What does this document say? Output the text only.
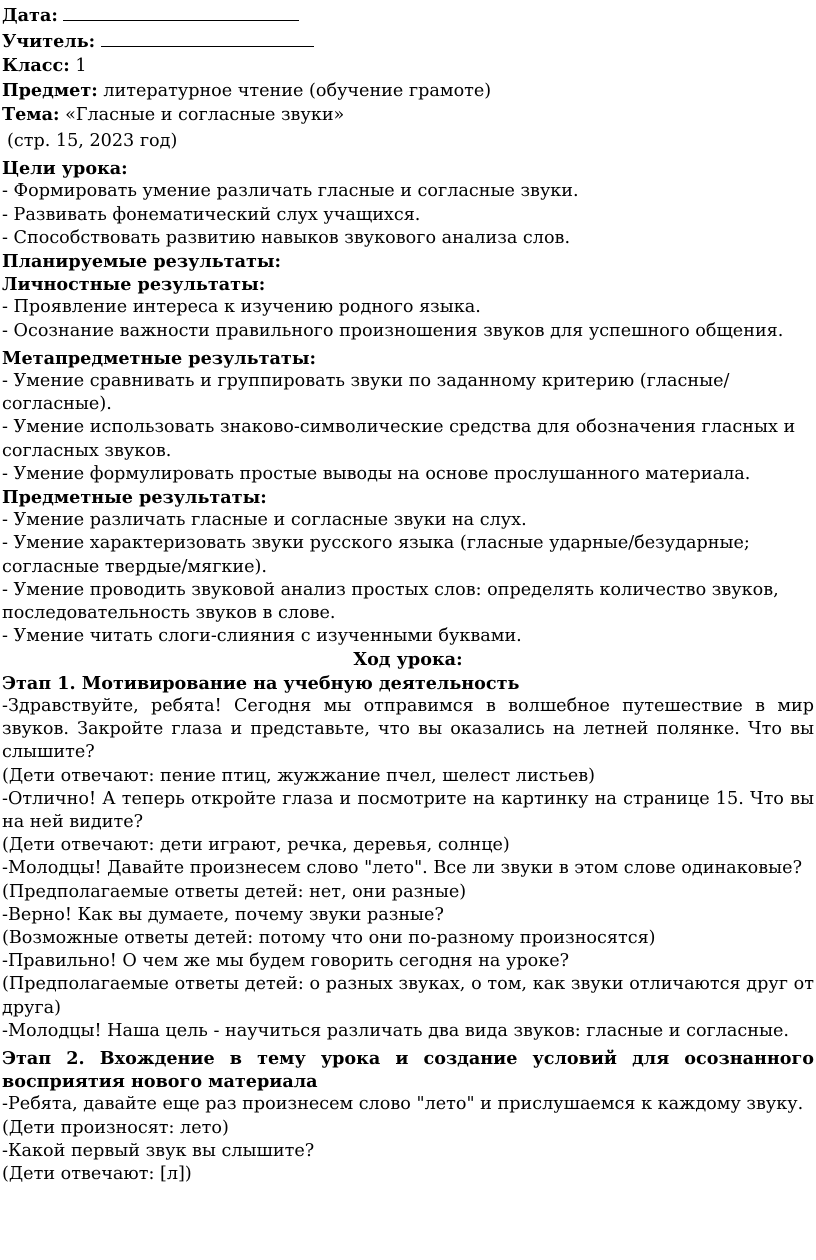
Дата:

Учитель:

Класс: 1

Предмет: литературное чтение (обучение грамоте)

Тема: «Гласные и согласные звуки»

(стр. 15, 2023 год)

Цели урока:

- Формировать умение различать гласные и согласные звуки.

- Развивать фонематический слух учащихся.

- Способствовать развитию навыков звукового анализа слов.

Планируемые результаты:

Личностные результаты:

- Проявление интереса к изучению родного языка.

- Осознание важности правильного произношения звуков для успешного общения.

Метапредметные результаты:

- Умение сравнивать и группировать звуки по заданному критерию (гласные/согласные).

- Умение использовать знаково-символические средства для обозначения гласных и согласных звуков.

- Умение формулировать простые выводы на основе прослушанного материала.

Предметные результаты:

- Умение различать гласные и согласные звуки на слух.

- Умение характеризовать звуки русского языка (гласные ударные/безударные; согласные твердые/мягкие).

- Умение проводить звуковой анализ простых слов: определять количество звуков, последовательность звуков в слове.

- Умение читать слоги-слияния с изученными буквами.

Ход урока:

Этап 1. Мотивирование на учебную деятельность

-Здравствуйте, ребята! Сегодня мы отправимся в волшебное путешествие в мир звуков. Закройте глаза и представьте, что вы оказались на летней полянке. Что вы слышите?

(Дети отвечают: пение птиц, жужжание пчел, шелест листьев)

-Отлично! А теперь откройте глаза и посмотрите на картинку на странице 15. Что вы на ней видите?

(Дети отвечают: дети играют, речка, деревья, солнце)

-Молодцы! Давайте произнесем слово "лето". Все ли звуки в этом слове одинаковые?

(Предполагаемые ответы детей: нет, они разные)

-Верно! Как вы думаете, почему звуки разные?

(Возможные ответы детей: потому что они по-разному произносятся)

-Правильно! О чем же мы будем говорить сегодня на уроке?

(Предполагаемые ответы детей: о разных звуках, о том, как звуки отличаются друг от друга)

-Молодцы! Наша цель - научиться различать два вида звуков: гласные и согласные.

Этап 2. Вхождение в тему урока и создание условий для осознанного восприятия нового материала

-Ребята, давайте еще раз произнесем слово "лето" и прислушаемся к каждому звуку.

(Дети произносят: лето)

-Какой первый звук вы слышите?

(Дети отвечают: [л])
